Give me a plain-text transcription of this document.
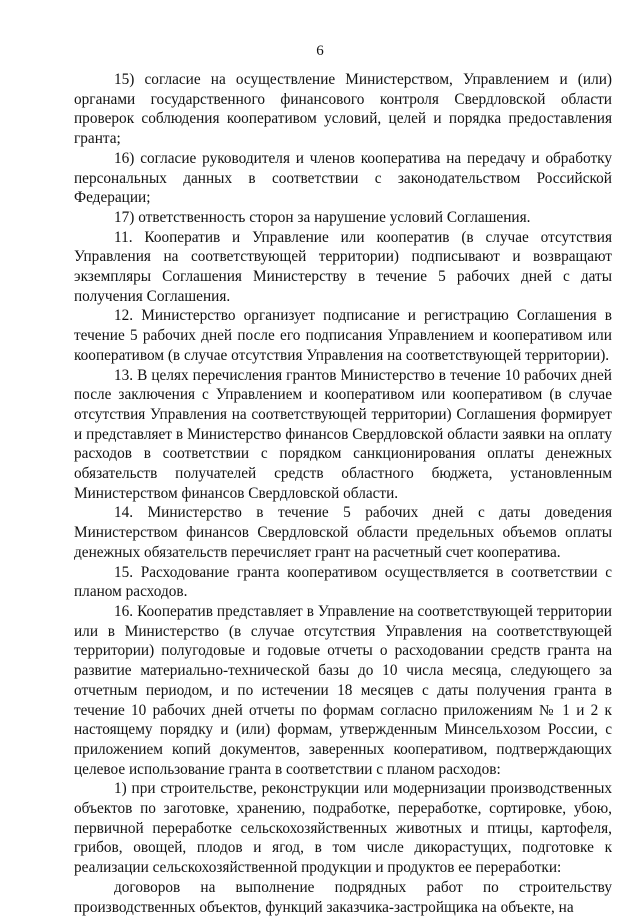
6

15) согласие на осуществление Министерством, Управлением и (или) органами государственного финансового контроля Свердловской области проверок соблюдения кооперативом условий, целей и порядка предоставления гранта;

16) согласие руководителя и членов кооператива на передачу и обработку персональных данных в соответствии с законодательством Российской Федерации;

17) ответственность сторон за нарушение условий Соглашения.

11. Кооператив и Управление или кооператив (в случае отсутствия Управления на соответствующей территории) подписывают и возвращают экземпляры Соглашения Министерству в течение 5 рабочих дней с даты получения Соглашения.

12. Министерство организует подписание и регистрацию Соглашения в течение 5 рабочих дней после его подписания Управлением и кооперативом или кооперативом (в случае отсутствия Управления на соответствующей территории).

13. В целях перечисления грантов Министерство в течение 10 рабочих дней после заключения с Управлением и кооперативом или кооперативом (в случае отсутствия Управления на соответствующей территории) Соглашения формирует и представляет в Министерство финансов Свердловской области заявки на оплату расходов в соответствии с порядком санкционирования оплаты денежных обязательств получателей средств областного бюджета, установленным Министерством финансов Свердловской области.

14. Министерство в течение 5 рабочих дней с даты доведения Министерством финансов Свердловской области предельных объемов оплаты денежных обязательств перечисляет грант на расчетный счет кооператива.

15. Расходование гранта кооперативом осуществляется в соответствии с планом расходов.

16. Кооператив представляет в Управление на соответствующей территории или в Министерство (в случае отсутствия Управления на соответствующей территории) полугодовые и годовые отчеты о расходовании средств гранта на развитие материально-технической базы до 10 числа месяца, следующего за отчетным периодом, и по истечении 18 месяцев с даты получения гранта в течение 10 рабочих дней отчеты по формам согласно приложениям № 1 и 2 к настоящему порядку и (или) формам, утвержденным Минсельхозом России, с приложением копий документов, заверенных кооперативом, подтверждающих целевое использование гранта в соответствии с планом расходов:

1) при строительстве, реконструкции или модернизации производственных объектов по заготовке, хранению, подработке, переработке, сортировке, убою, первичной переработке сельскохозяйственных животных и птицы, картофеля, грибов, овощей, плодов и ягод, в том числе дикорастущих, подготовке к реализации сельскохозяйственной продукции и продуктов ее переработки:

договоров на выполнение подрядных работ по строительству производственных объектов, функций заказчика-застройщика на объекте, на
